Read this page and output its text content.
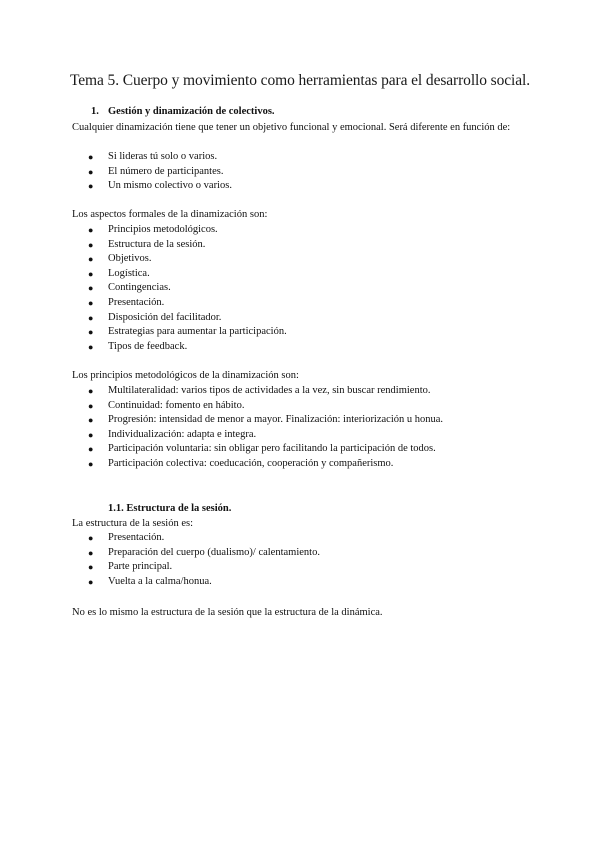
Tema 5. Cuerpo y movimiento como herramientas para el desarrollo social.
1. Gestión y dinamización de colectivos.
Cualquier dinamización tiene que tener un objetivo funcional y emocional. Será diferente en función de:
● Si lideras tú solo o varios.
● El número de participantes.
● Un mismo colectivo o varios.
Los aspectos formales de la dinamización son:
● Principios metodológicos.
● Estructura de la sesión.
● Objetivos.
● Logística.
● Contingencias.
● Presentación.
● Disposición del facilitador.
● Estrategias para aumentar la participación.
● Tipos de feedback.
Los principios metodológicos de la dinamización son:
● Multilateralidad: varios tipos de actividades a la vez, sin buscar rendimiento.
● Continuidad: fomento en hábito.
● Progresión: intensidad de menor a mayor. Finalización: interiorización u honua.
● Individualización: adapta e integra.
● Participación voluntaria: sin obligar pero facilitando la participación de todos.
● Participación colectiva: coeducación, cooperación y compañerismo.
1.1. Estructura de la sesión.
La estructura de la sesión es:
● Presentación.
● Preparación del cuerpo (dualismo)/ calentamiento.
● Parte principal.
● Vuelta a la calma/honua.
No es lo mismo la estructura de la sesión que la estructura de la dinámica.
